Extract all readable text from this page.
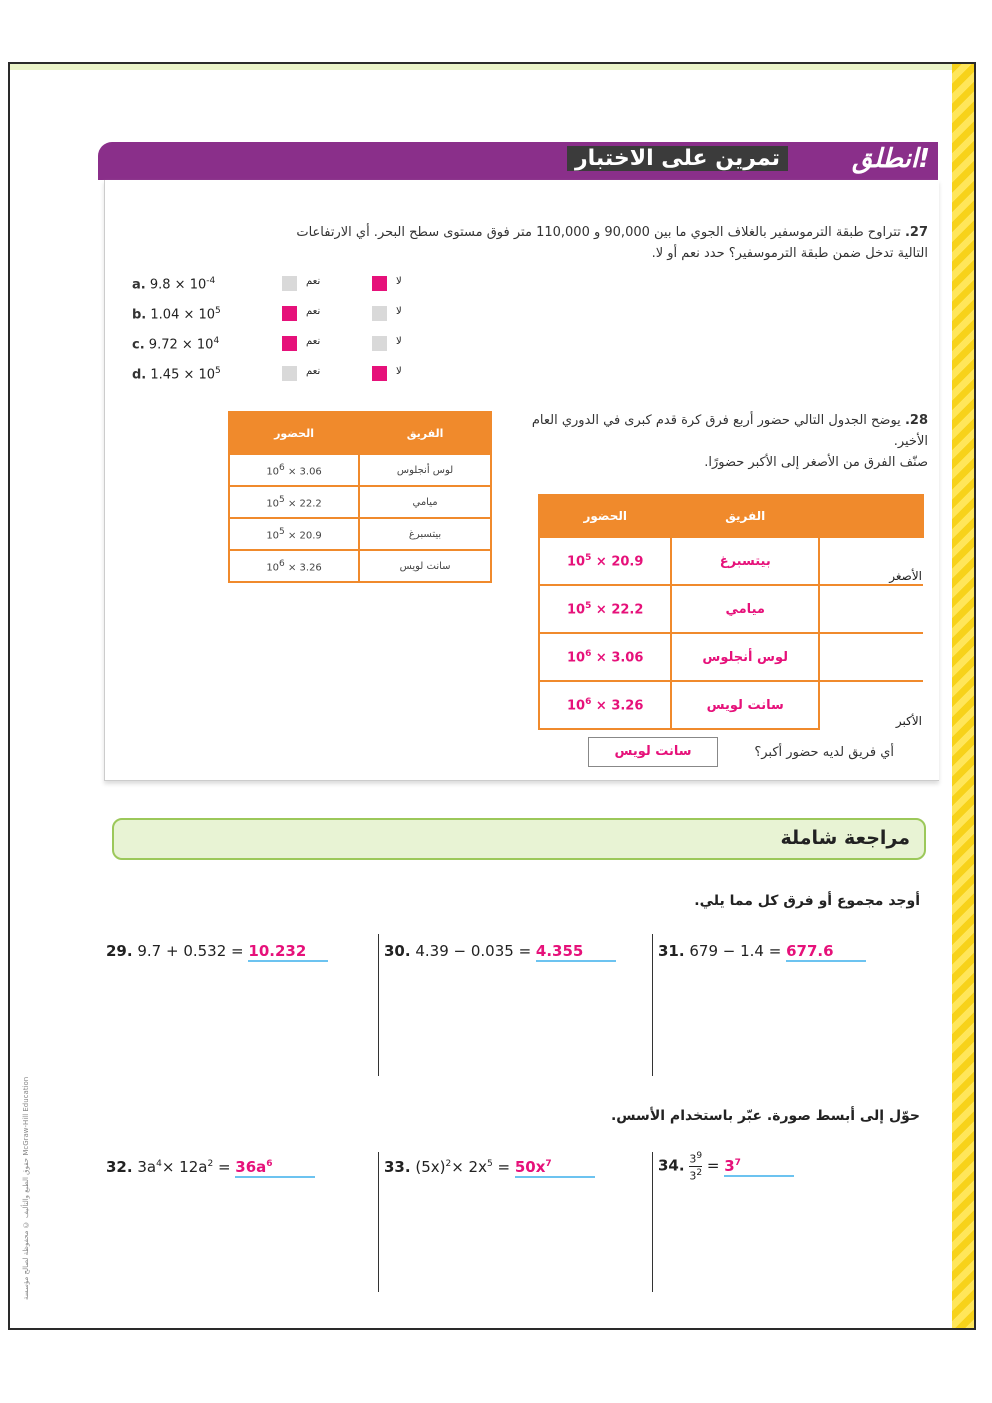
انطلق!
تمرين على الاختبار
27. تتراوح طبقة الترموسفير بالغلاف الجوي ما بين 90,000 و 110,000 متر فوق مستوى سطح البحر. أي الارتفاعات التالية تدخل ضمن طبقة الترموسفير؟ حدد نعم أو لا.
a. $9.8 \times 10^{-4}$	نعم	لا
b. $1.04 \times 10^5$	نعم	لا
c. $9.72 \times 10^4$	نعم	لا
d. $1.45 \times 10^5$	نعم	لا
28. يوضح الجدول التالي حضور أربع فرق كرة قدم كبرى في الدوري العام الأخير.
صنّف الفرق من الأصغر إلى الأكبر حضورًا.
الفريق	الحضور
لوس أنجلوس	$3.06 \times 10^6$
ميامي	$22.2 \times 10^5$
بيتسبرغ	$20.9 \times 10^5$
سانت لويس	$3.26 \times 10^6$
	الفريق	الحضور
الأصغر	بيتسبرغ	$20.9 \times 10^5$
	ميامي	$22.2 \times 10^5$
	لوس أنجلوس	$3.06 \times 10^6$
الأكبر	سانت لويس	$3.26 \times 10^6$
أي فريق لديه حضور أكبر؟
سانت لويس
مراجعة شاملة
أوجد مجموع أو فرق كل مما يلي.
29. 9.7 + 0.532 = 10.232	30. 4.39 − 0.035 = 4.355	31. 679 − 1.4 = 677.6
حوّل إلى أبسط صورة. عبّر باستخدام الأسس.
32. $3a^4\times 12a^2 = 36a^6$	33. $(5x)^2\times 2x^5 = 50x^7$	34. $\frac{3^9}{3^2} = 3^7$
حقوق الطبع والتأليف © محفوظة لصالح مؤسسة McGraw-Hill Education
